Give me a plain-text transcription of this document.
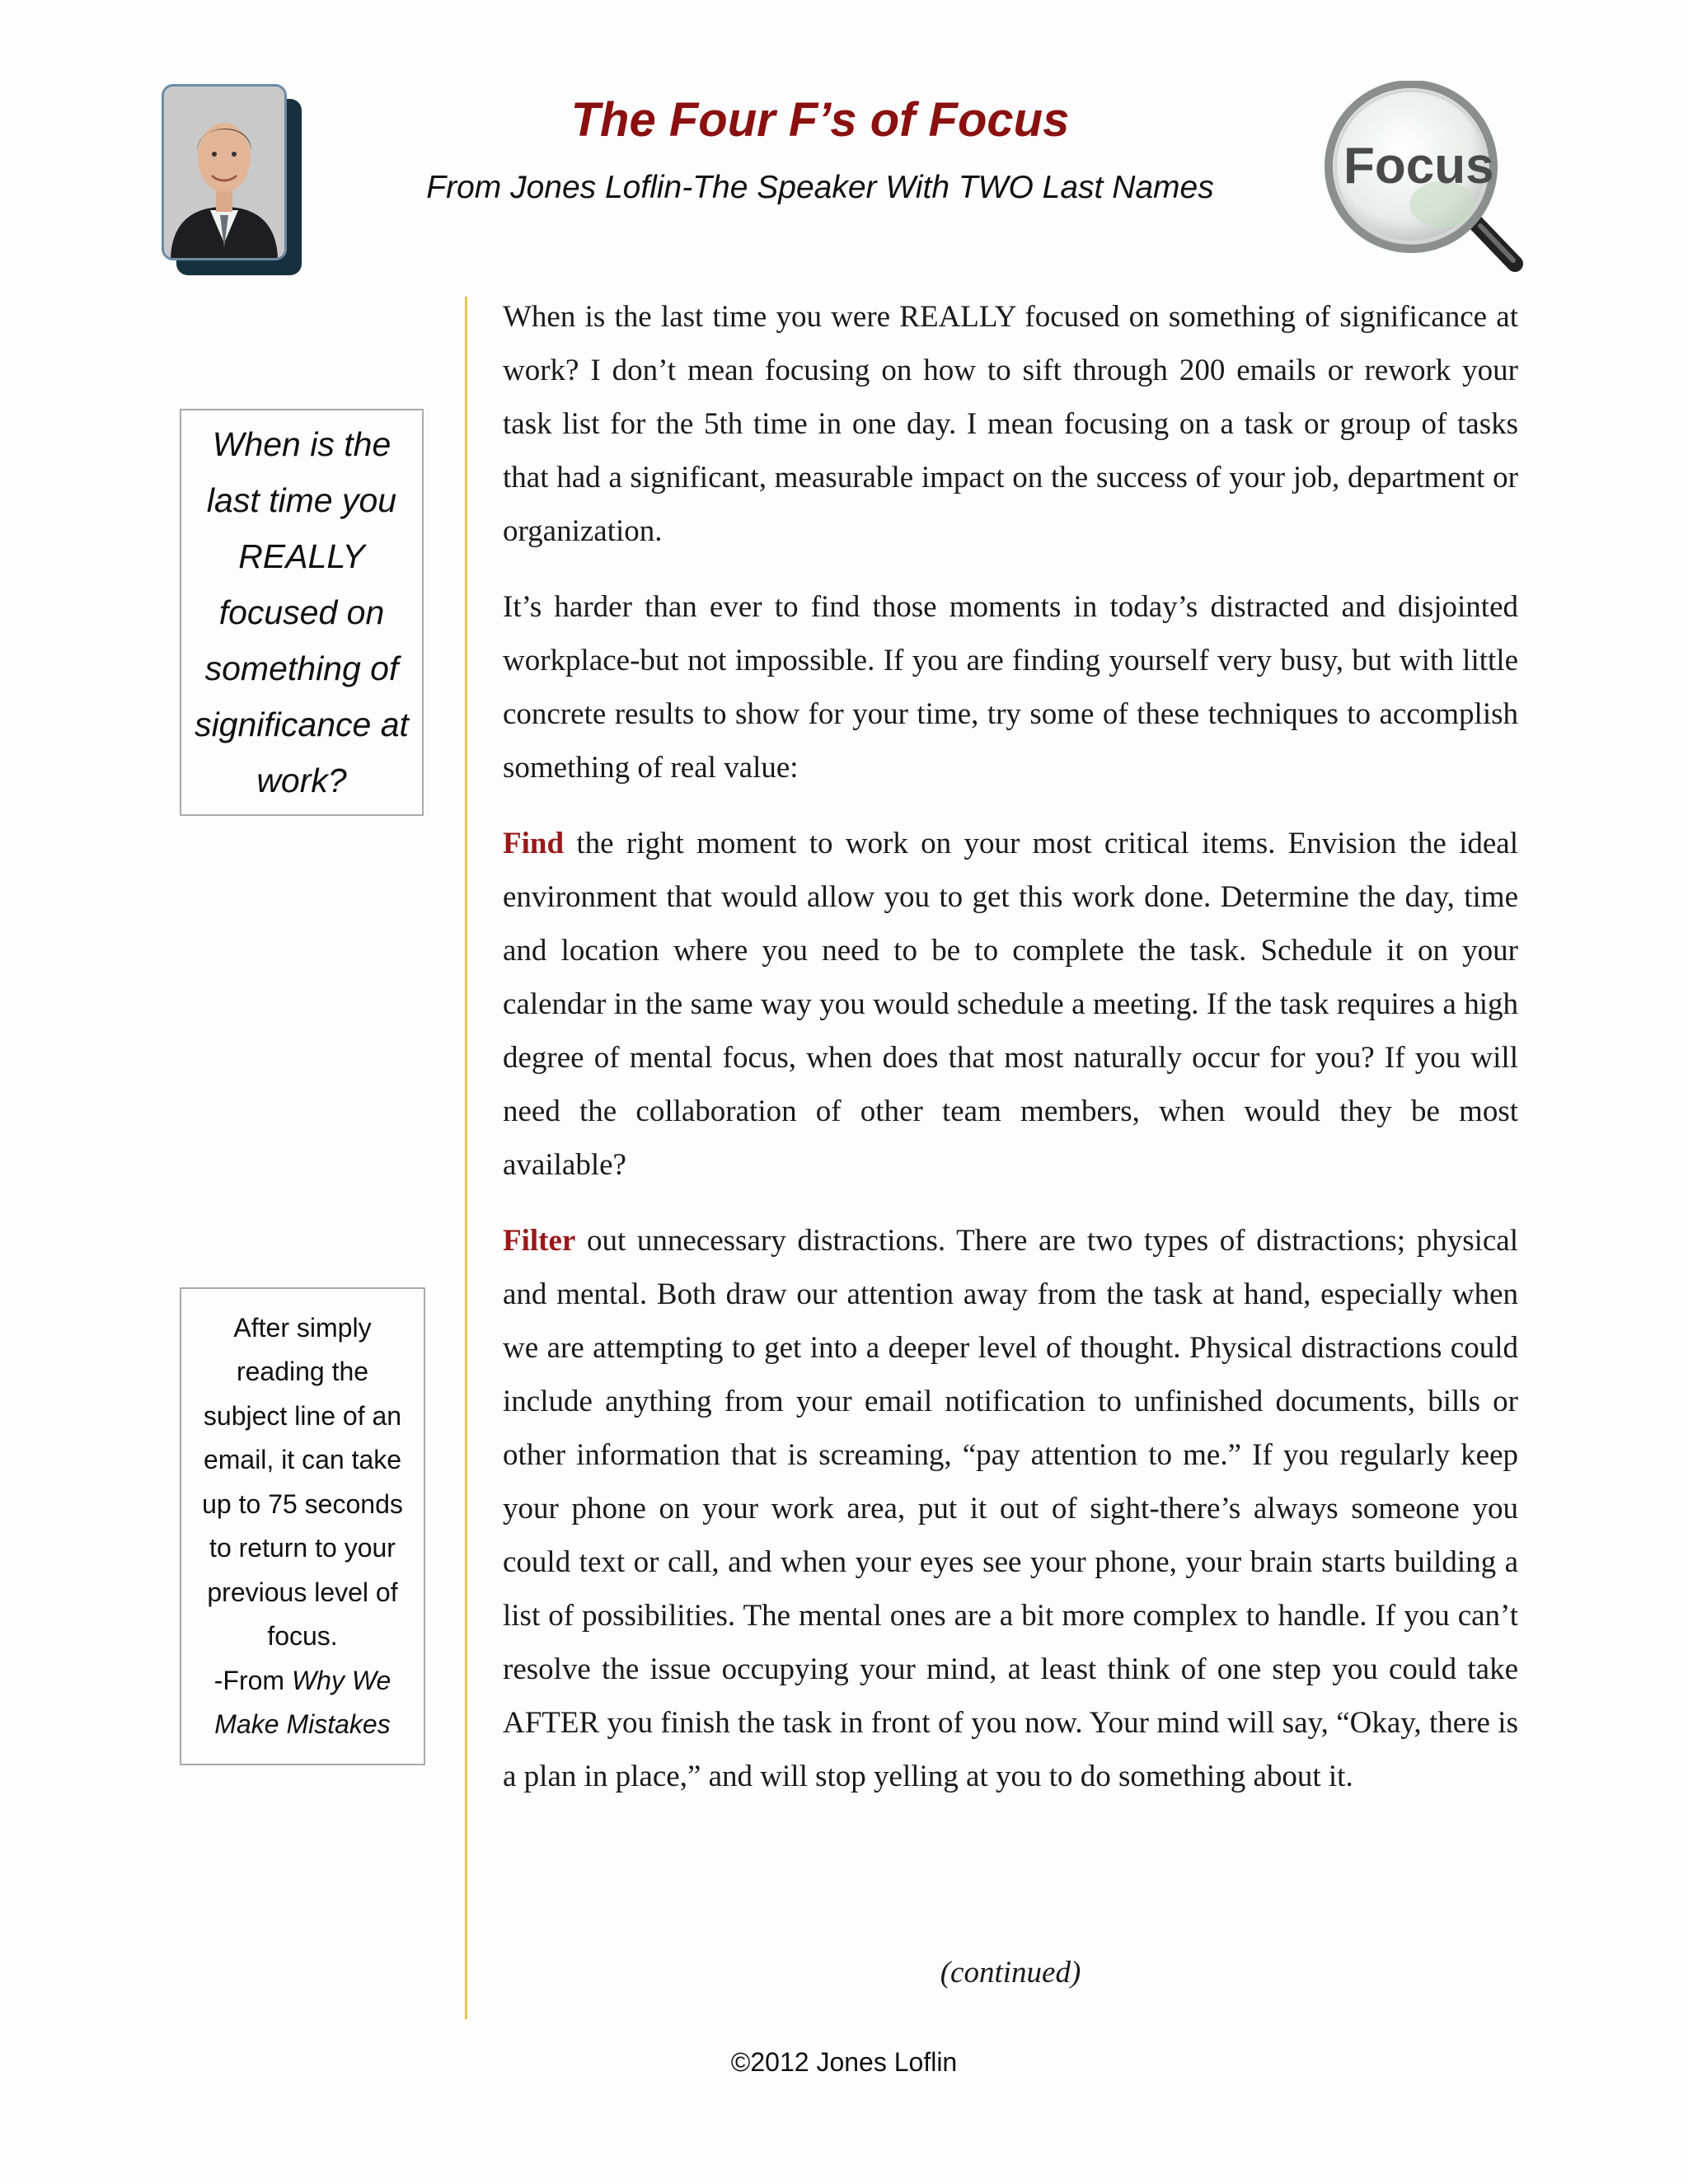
The Four F’s of Focus

From Jones Loflin-The Speaker With TWO Last Names	Focus

When is the last time you REALLY focused on something of significance at work?

After simply reading the subject line of an email, it can take up to 75 seconds to return to your previous level of focus.

-From Why We Make Mistakes

When is the last time you were REALLY focused on something of significance at work? I don’t mean focusing on how to sift through 200 emails or rework your task list for the 5th time in one day. I mean focusing on a task or group of tasks that had a significant, measurable impact on the success of your job, department or organization.

It’s harder than ever to find those moments in today’s distracted and disjointed workplace-but not impossible. If you are finding yourself very busy, but with little concrete results to show for your time, try some of these techniques to accomplish something of real value:

Find the right moment to work on your most critical items. Envision the ideal environment that would allow you to get this work done. Determine the day, time and location where you need to be to complete the task. Schedule it on your calendar in the same way you would schedule a meeting. If the task requires a high degree of mental focus, when does that most naturally occur for you? If you will need the collaboration of other team members, when would they be most available?

Filter out unnecessary distractions. There are two types of distractions; physical and mental. Both draw our attention away from the task at hand, especially when we are attempting to get into a deeper level of thought. Physical distractions could include anything from your email notification to unfinished documents, bills or other information that is screaming, “pay attention to me.” If you regularly keep your phone on your work area, put it out of sight-there’s always someone you could text or call, and when your eyes see your phone, your brain starts building a list of possibilities. The mental ones are a bit more complex to handle. If you can’t resolve the issue occupying your mind, at least think of one step you could take AFTER you finish the task in front of you now. Your mind will say, “Okay, there is a plan in place,” and will stop yelling at you to do something about it.

(continued)
©2012 Jones Loflin
